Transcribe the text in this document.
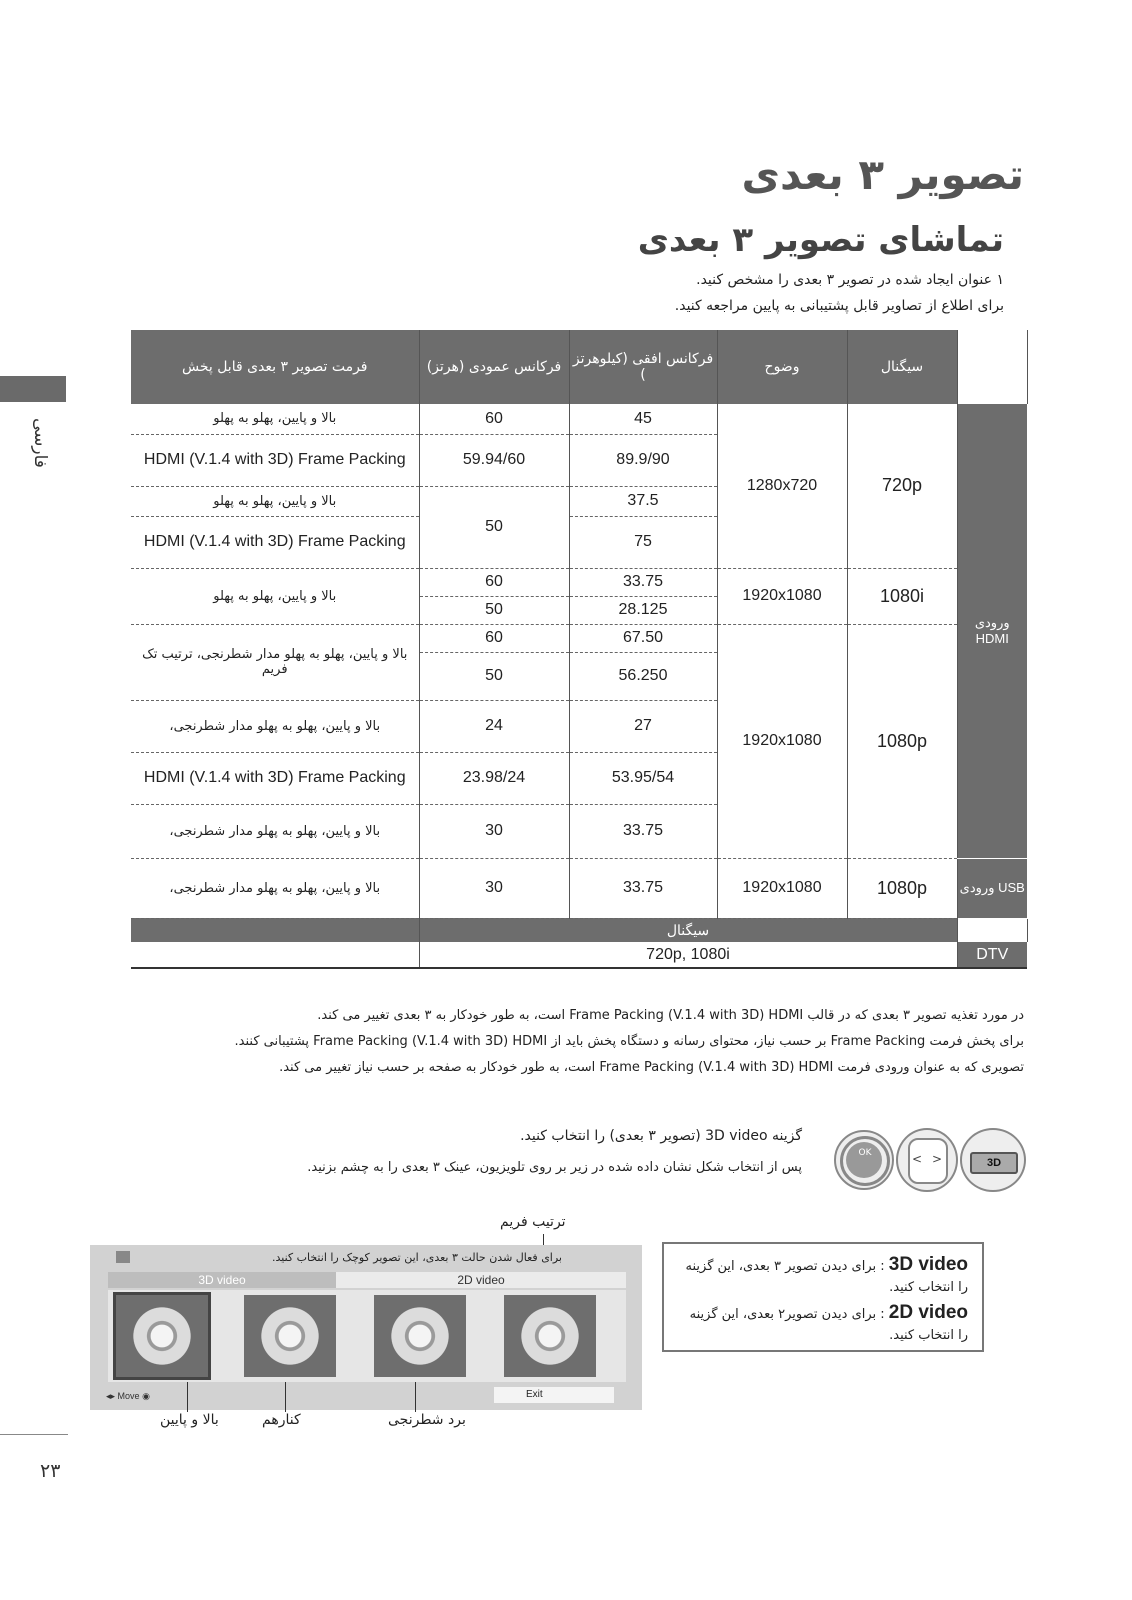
تصویر ۳ بعدی
تماشای تصویر ۳ بعدی
۱ عنوان ایجاد شده در تصویر ۳ بعدی را مشخص کنید.
برای اطلاع از تصاویر قابل پشتیبانی به پایین مراجعه کنید.
فارسی
فرمت تصویر ۳ بعدی قابل پخش	فرکانس عمودی (هرتز)	فرکانس افقی (کیلوهرتز )	وضوح	سیگنال	
بالا و پایین، پهلو به پهلو	60	45	1280x720	720p	ورودی HDMI
HDMI (V.1.4 with 3D) Frame Packing	59.94/60	89.9/90			
بالا و پایین، پهلو به پهلو	50	37.5			
HDMI (V.1.4 with 3D) Frame Packing		75			
بالا و پایین، پهلو به پهلو	60	33.75	1920x1080	1080i	
	50	28.125			
بالا و پایین، پهلو به پهلو مدار شطرنجی، ترتیب تک فریم	60	67.50	1920x1080	1080p	
	50	56.250			
بالا و پایین، پهلو به پهلو مدار شطرنجی،	24	27			
HDMI (V.1.4 with 3D) Frame Packing	23.98/24	53.95/54			
بالا و پایین، پهلو به پهلو مدار شطرنجی،	30	33.75			
بالا و پایین، پهلو به پهلو مدار شطرنجی،	30	33.75	1920x1080	1080p	ورودی USB
	سیگنال				
	720p, 1080i				DTV
در مورد تغذیه تصویر ۳ بعدی که در قالب Frame Packing (V.1.4 with 3D) HDMI است، به طور خودکار به ۳ بعدی تغییر می کند.
برای پخش فرمت Frame Packing بر حسب نیاز، محتوای رسانه و دستگاه پخش باید از Frame Packing (V.1.4 with 3D) HDMI پشتیبانی کنند.
تصویری که به عنوان ورودی فرمت Frame Packing (V.1.4 with 3D) HDMI است، به طور خودکار به صفحه بر حسب نیاز تغییر می کند.
OK	< >	3D
گزینه 3D video (تصویر ۳ بعدی) را انتخاب کنید.
پس از انتخاب شکل نشان داده شده در زیر بر روی تلویزیون، عینک ۳ بعدی را به چشم بزنید.
ترتیب فریم
برای فعال شدن حالت ۳ بعدی، این تصویر کوچک را انتخاب کنید.
3D video	2D video
◂▸ Move ◉	Exit
بالا و پایین	کنارهم	برد شطرنجی
3D video : برای دیدن تصویر ۳ بعدی، این گزینه
را انتخاب کنید.
2D video : برای دیدن تصویر۲ بعدی، این گزینه
را انتخاب کنید.
۲۳
